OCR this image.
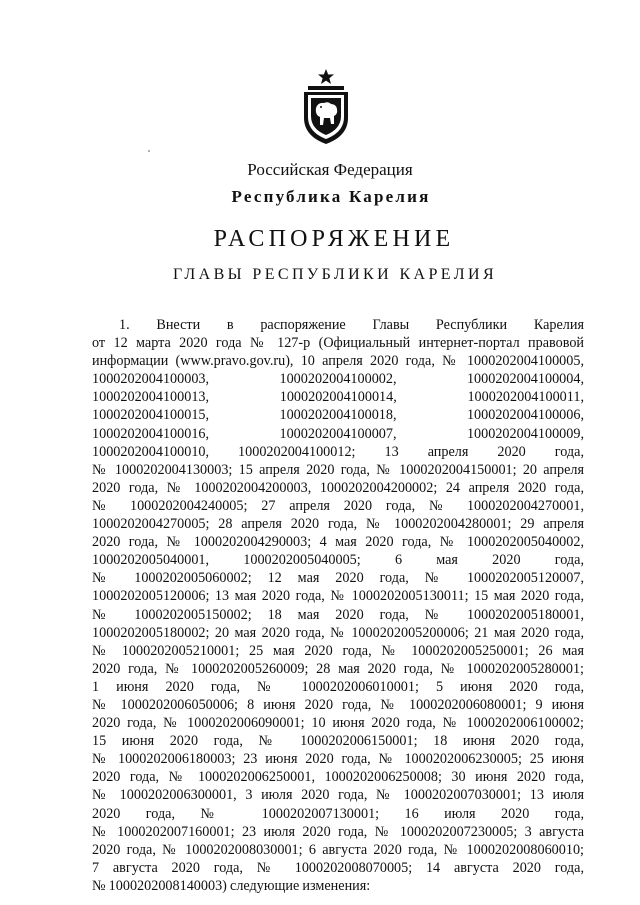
Российская Федерация
Республика Карелия
РАСПОРЯЖЕНИЕ
ГЛАВЫ РЕСПУБЛИКИ КАРЕЛИЯ
1. Внести в распоряжение Главы Республики Карелия
от 12 марта 2020 года № 127-р (Официальный интернет-портал правовой
информации (www.pravo.gov.ru), 10 апреля 2020 года, № 1000202004100005,
1000202004100003, 1000202004100002, 1000202004100004,
1000202004100013, 1000202004100014, 1000202004100011,
1000202004100015, 1000202004100018, 1000202004100006,
1000202004100016, 1000202004100007, 1000202004100009,
1000202004100010, 1000202004100012; 13 апреля 2020 года,
№ 1000202004130003; 15 апреля 2020 года, № 1000202004150001; 20 апреля
2020 года, № 1000202004200003, 1000202004200002; 24 апреля 2020 года,
№ 1000202004240005; 27 апреля 2020 года, № 1000202004270001,
1000202004270005; 28 апреля 2020 года, № 1000202004280001; 29 апреля
2020 года, № 1000202004290003; 4 мая 2020 года, № 1000202005040002,
1000202005040001, 1000202005040005; 6 мая 2020 года,
№ 1000202005060002; 12 мая 2020 года, № 1000202005120007,
1000202005120006; 13 мая 2020 года, № 1000202005130011; 15 мая 2020 года,
№ 1000202005150002; 18 мая 2020 года, № 1000202005180001,
1000202005180002; 20 мая 2020 года, № 1000202005200006; 21 мая 2020 года,
№ 1000202005210001; 25 мая 2020 года, № 1000202005250001; 26 мая
2020 года, № 1000202005260009; 28 мая 2020 года, № 1000202005280001;
1 июня 2020 года, № 1000202006010001; 5 июня 2020 года,
№ 1000202006050006; 8 июня 2020 года, № 1000202006080001; 9 июня
2020 года, № 1000202006090001; 10 июня 2020 года, № 1000202006100002;
15 июня 2020 года, № 1000202006150001; 18 июня 2020 года,
№ 1000202006180003; 23 июня 2020 года, № 1000202006230005; 25 июня
2020 года, № 1000202006250001, 1000202006250008; 30 июня 2020 года,
№ 1000202006300001, 3 июля 2020 года, № 1000202007030001; 13 июля
2020 года, № 1000202007130001; 16 июля 2020 года,
№ 1000202007160001; 23 июля 2020 года, № 1000202007230005; 3 августа
2020 года, № 1000202008030001; 6 августа 2020 года, № 1000202008060010;
7 августа 2020 года, № 1000202008070005; 14 августа 2020 года,
№ 1000202008140003) следующие изменения:
